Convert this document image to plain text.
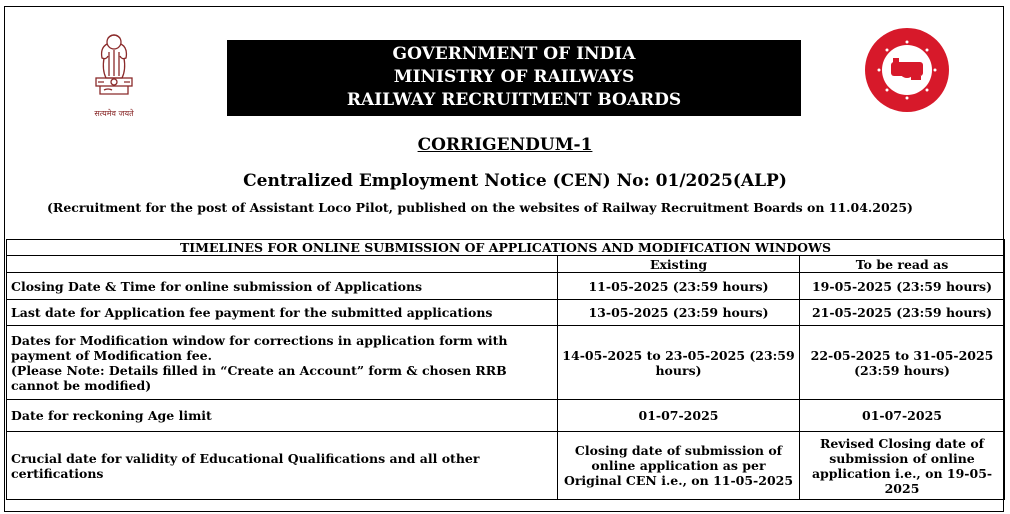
सत्यमेव जयते
GOVERNMENT OF INDIA
MINISTRY OF RAILWAYS
RAILWAY RECRUITMENT BOARDS
CORRIGENDUM-1
Centralized Employment Notice (CEN) No: 01/2025(ALP)
(Recruitment for the post of Assistant Loco Pilot, published on the websites of Railway Recruitment Boards on 11.04.2025)
TIMELINES FOR ONLINE SUBMISSION OF APPLICATIONS AND MODIFICATION WINDOWS		
	Existing	To be read as
Closing Date & Time for online submission of Applications	11-05-2025 (23:59 hours)	19-05-2025 (23:59 hours)
Last date for Application fee payment for the submitted applications	13-05-2025 (23:59 hours)	21-05-2025 (23:59 hours)

Dates for Modification window for corrections in application form with payment of Modification fee.
(Please Note: Details filled in “Create an Account” form & chosen RRB cannot be modified)	14-05-2025 to 23-05-2025 (23:59 hours)	22-05-2025 to 31-05-2025 (23:59 hours)
Date for reckoning Age limit	01-07-2025	01-07-2025
Crucial date for validity of Educational Qualifications and all other certifications	Closing date of submission of online application as per Original CEN i.e., on 11-05-2025	Revised Closing date of submission of online application i.e., on 19-05-2025
